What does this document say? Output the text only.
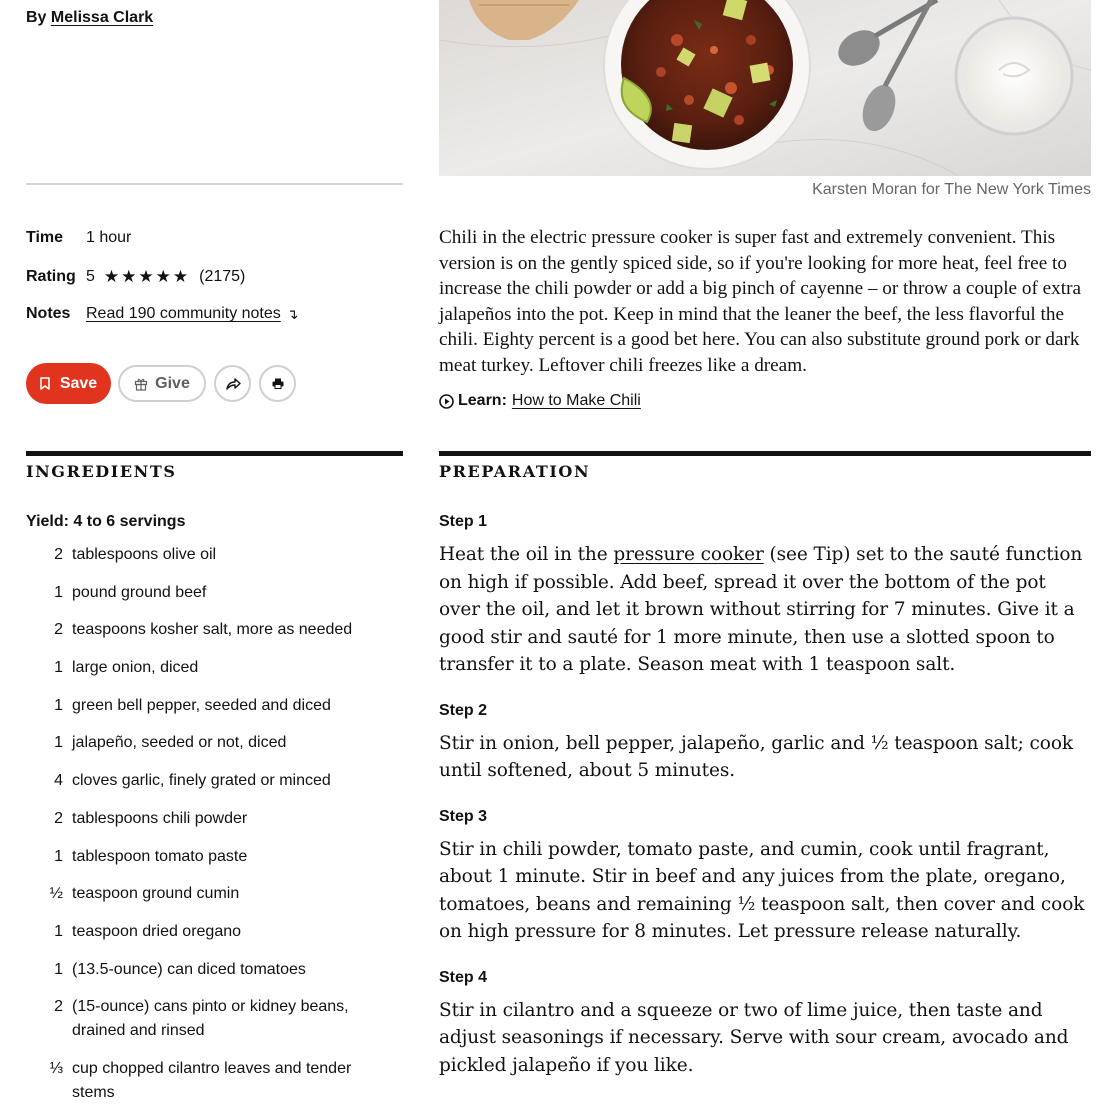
By Melissa Clark
Time	1 hour
Rating 5 ★★★★★ (2175)
Notes Read 190 community notes ↴
Save	Give
INGREDIENTS
Yield: 4 to 6 servings
2 tablespoons olive oil
1 pound ground beef
2 teaspoons kosher salt, more as needed
1 large onion, diced
1 green bell pepper, seeded and diced
1 jalapeño, seeded or not, diced
4 cloves garlic, finely grated or minced
2 tablespoons chili powder
1 tablespoon tomato paste
½ teaspoon ground cumin
1 teaspoon dried oregano
1 (13.5-ounce) can diced tomatoes
2 (15-ounce) cans pinto or kidney beans, drained and rinsed
⅓ cup chopped cilantro leaves and tender stems
Karsten Moran for The New York Times

Chili in the electric pressure cooker is super fast and extremely convenient. This version is on the gently spiced side, so if you're looking for more heat, feel free to increase the chili powder or add a big pinch of cayenne – or throw a couple of extra jalapeños into the pot. Keep in mind that the leaner the beef, the less flavorful the chili. Eighty percent is a good bet here. You can also substitute ground pork or dark meat turkey. Leftover chili freezes like a dream.

Learn: How to Make Chili
PREPARATION
Step 1

Heat the oil in the pressure cooker (see Tip) set to the sauté function on high if possible. Add beef, spread it over the bottom of the pot over the oil, and let it brown without stirring for 7 minutes. Give it a good stir and sauté for 1 more minute, then use a slotted spoon to transfer it to a plate. Season meat with 1 teaspoon salt.

Step 2

Stir in onion, bell pepper, jalapeño, garlic and ½ teaspoon salt; cook until softened, about 5 minutes.

Step 3

Stir in chili powder, tomato paste, and cumin, cook until fragrant, about 1 minute. Stir in beef and any juices from the plate, oregano, tomatoes, beans and remaining ½ teaspoon salt, then cover and cook on high pressure for 8 minutes. Let pressure release naturally.

Step 4

Stir in cilantro and a squeeze or two of lime juice, then taste and adjust seasonings if necessary. Serve with sour cream, avocado and pickled jalapeño if you like.
